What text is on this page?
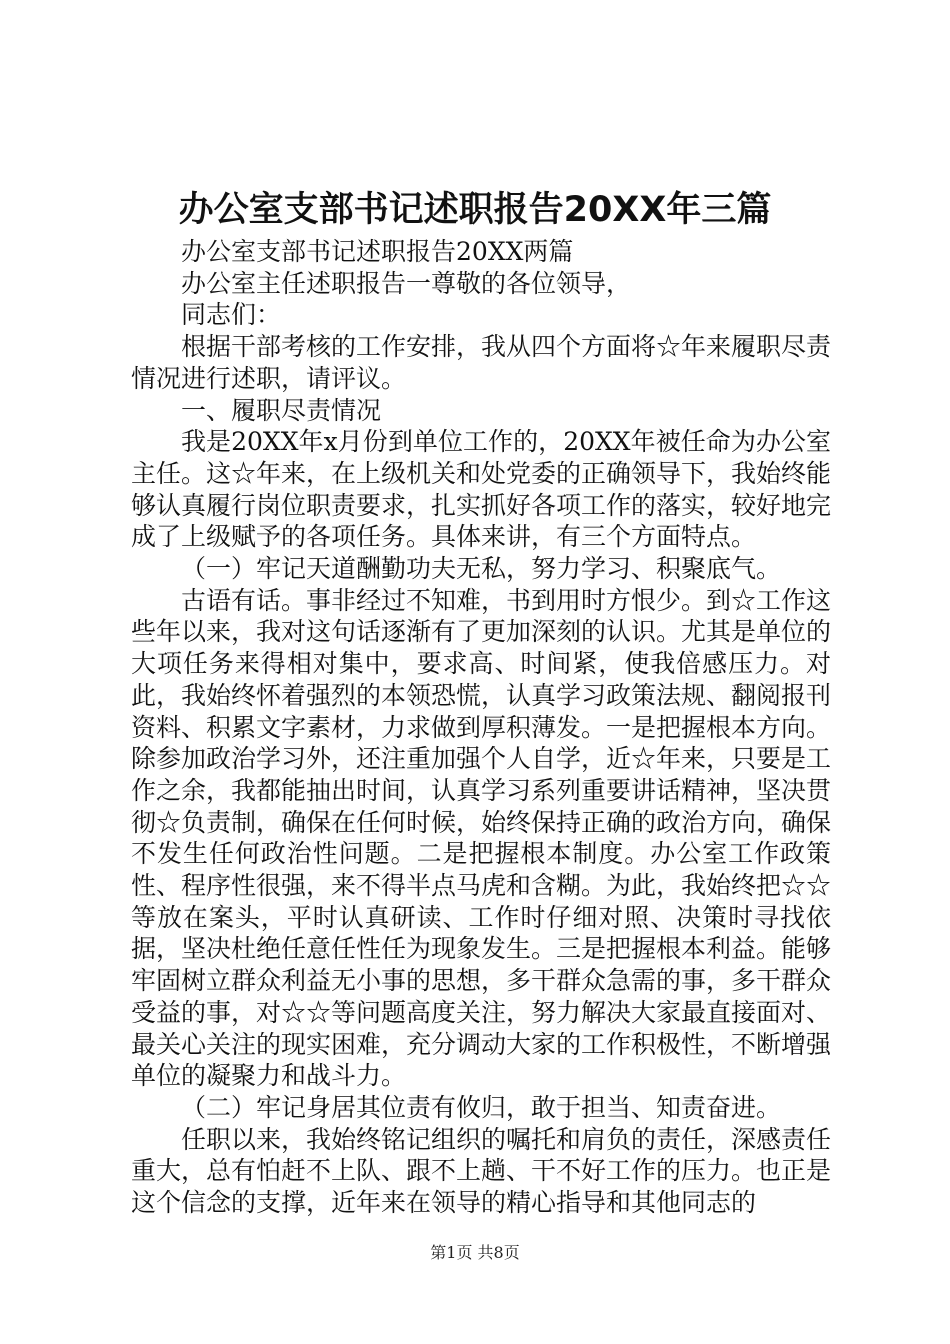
办公室支部书记述职报告20XX年三篇

办公室支部书记述职报告20XX两篇

办公室主任述职报告一尊敬的各位领导，

同志们：

根据干部考核的工作安排，我从四个方面将☆年来履职尽责情况进行述职，请评议。

一、履职尽责情况

我是20XX年x月份到单位工作的，20XX年被任命为办公室主任。这☆年来，在上级机关和处党委的正确领导下，我始终能够认真履行岗位职责要求，扎实抓好各项工作的落实，较好地完成了上级赋予的各项任务。具体来讲，有三个方面特点。

（一）牢记天道酬勤功夫无私，努力学习、积聚底气。

古语有话。事非经过不知难，书到用时方恨少。到☆工作这些年以来，我对这句话逐渐有了更加深刻的认识。尤其是单位的大项任务来得相对集中，要求高、时间紧，使我倍感压力。对此，我始终怀着强烈的本领恐慌，认真学习政策法规、翻阅报刊资料、积累文字素材，力求做到厚积薄发。一是把握根本方向。除参加政治学习外，还注重加强个人自学，近☆年来，只要是工作之余，我都能抽出时间，认真学习系列重要讲话精神，坚决贯彻☆负责制，确保在任何时候，始终保持正确的政治方向，确保不发生任何政治性问题。二是把握根本制度。办公室工作政策性、程序性很强，来不得半点马虎和含糊。为此，我始终把☆☆等放在案头，平时认真研读、工作时仔细对照、决策时寻找依据，坚决杜绝任意任性任为现象发生。三是把握根本利益。能够牢固树立群众利益无小事的思想，多干群众急需的事，多干群众受益的事，对☆☆等问题高度关注，努力解决大家最直接面对、最关心关注的现实困难，充分调动大家的工作积极性，不断增强单位的凝聚力和战斗力。

（二）牢记身居其位责有攸归，敢于担当、知责奋进。

任职以来，我始终铭记组织的嘱托和肩负的责任，深感责任重大，总有怕赶不上队、跟不上趟、干不好工作的压力。也正是这个信念的支撑，近年来在领导的精心指导和其他同志的

第1页 共8页
